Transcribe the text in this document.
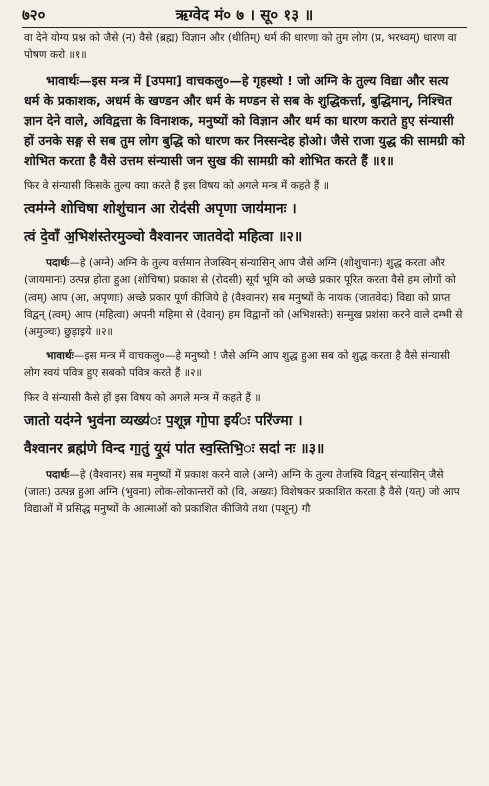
७२०	ऋग्वेद मं० ७ । सू० १३ ॥

वा देने योग्य प्रश्न को जैसे (न) वैसे (ब्रह्म) विज्ञान और (धीतिम्) धर्म की धारणा को तुम लोग (प्र, भरध्वम्) धारण वा पोषण करो ॥१॥

भावार्थः—इस मन्त्र में [उपमा] वाचकलु०—हे गृहस्थो ! जो अग्नि के तुल्य विद्या और सत्य धर्म के प्रकाशक, अधर्म के खण्डन और धर्म के मण्डन से सब के शुद्धिकर्त्ता, बुद्धिमान्, निश्चित ज्ञान देने वाले, अविद्वत्ता के विनाशक, मनुष्यों को विज्ञान और धर्म का धारण कराते हुए संन्यासी हों उनके सङ्ग से सब तुम लोग बुद्धि को धारण कर निस्सन्देह होओ। जैसे राजा युद्ध की सामग्री को शोभित करता है वैसे उत्तम संन्यासी जन सुख की सामग्री को शोभित करते हैं ॥१॥

फिर वे संन्यासी किसके तुल्य क्या करते हैं इस विषय को अगले मन्त्र में कहते हैं ॥

त्वम॑ग्ने शोचिषा शोशु॑चान आ रोद॑सी अपृणा जाय॑मानः ।

त्वं दे॒वाँ अ॒भिश॑स्तेरमुञ्चो वैश्वानर जातवेदो महित्वा ॥२॥

पदार्थः—हे (अग्ने) अग्नि के तुल्य वर्त्तमान तेजस्विन् संन्यासिन् आप जैसे अग्नि (शोशुचानः) शुद्ध करता और (जायमानः) उत्पन्न होता हुआ (शोचिषा) प्रकाश से (रोदसी) सूर्य भूमि को अच्छे प्रकार पूरित करता वैसे हम लोगों को (त्वम्) आप (आ, अपृणाः) अच्छे प्रकार पूर्ण कीजिये हे (वैश्वानर) सब मनुष्यों के नायक (जातवेदः) विद्या को प्राप्त विद्वन् (त्वम्) आप (महित्वा) अपनी महिमा से (देवान्) हम विद्वानों को (अभिशस्तेः) सन्मुख प्रशंसा करने वाले दम्भी से (अमुञ्चः) छुड़ाइये ॥२॥

भावार्थः—इस मन्त्र में वाचकलु०—हे मनुष्यो ! जैसे अग्नि आप शुद्ध हुआ सब को शुद्ध करता है वैसे संन्यासी लोग स्वयं पवित्र हुए सबको पवित्र करते हैं ॥२॥

फिर वे संन्यासी कैसे हों इस विषय को अगले मन्त्र में कहते हैं ॥

जातो यद॑ग्ने भुव॑ना व्यख्य॑ः प॒शून्न गो॒पा इर्य॑ः परि॑ज्मा ।

वैश्वानर ब्रह्म॑णे विन्द गा॒तुं यू॒यं पा॑त स्व॒स्तिभि॒ः सदा॑ नः ॥३॥

पदार्थः—हे (वैश्वानर) सब मनुष्यों में प्रकाश करने वाले (अग्ने) अग्नि के तुल्य तेजस्वि विद्वन् संन्यासिन् जैसे (जातः) उत्पन्न हुआ अग्नि (भुवना) लोक-लोकान्तरों को (वि, अख्यः) विशेषकर प्रकाशित करता है वैसे (यत्) जो आप विद्याओं में प्रसिद्ध मनुष्यों के आत्माओं को प्रकाशित कीजिये तथा (पशून्) गौ
